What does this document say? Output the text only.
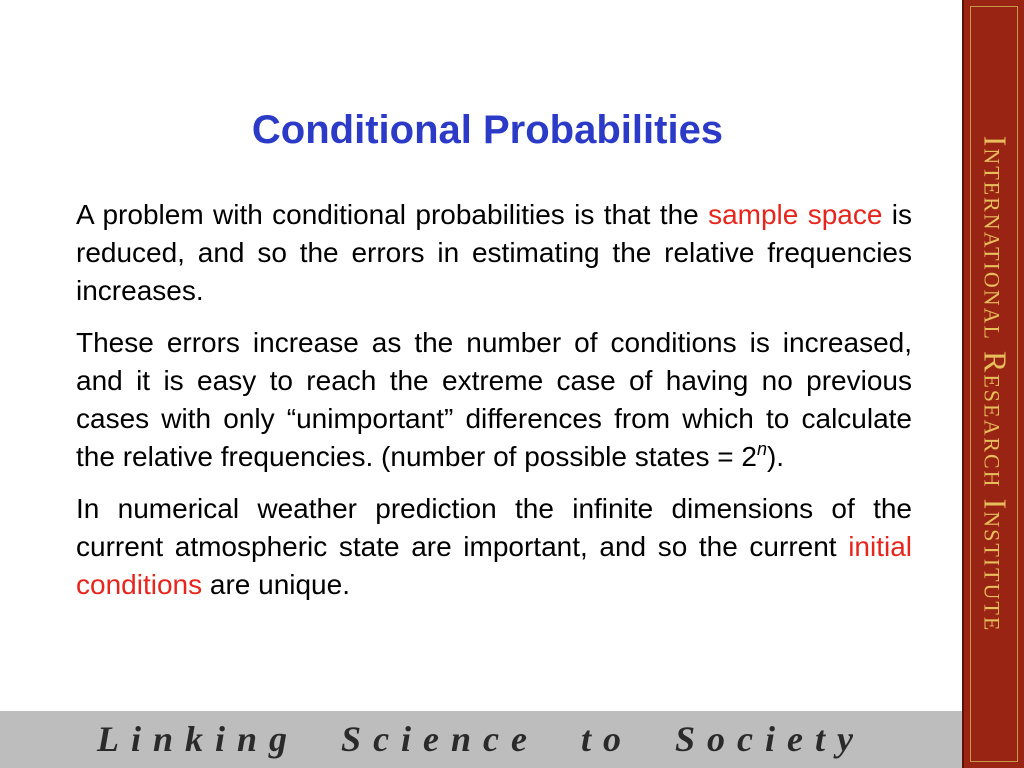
Conditional Probabilities

A problem with conditional probabilities is that the sample space is reduced, and so the errors in estimating the relative frequencies increases.

These errors increase as the number of conditions is increased, and it is easy to reach the extreme case of having no previous cases with only “unimportant” differences from which to calculate the relative frequencies. (number of possible states = $2^n$).

In numerical weather prediction the infinite dimensions of the current atmospheric state are important, and so the current initial conditions are unique.	International Research Institute
Linking  Science  to  Society
